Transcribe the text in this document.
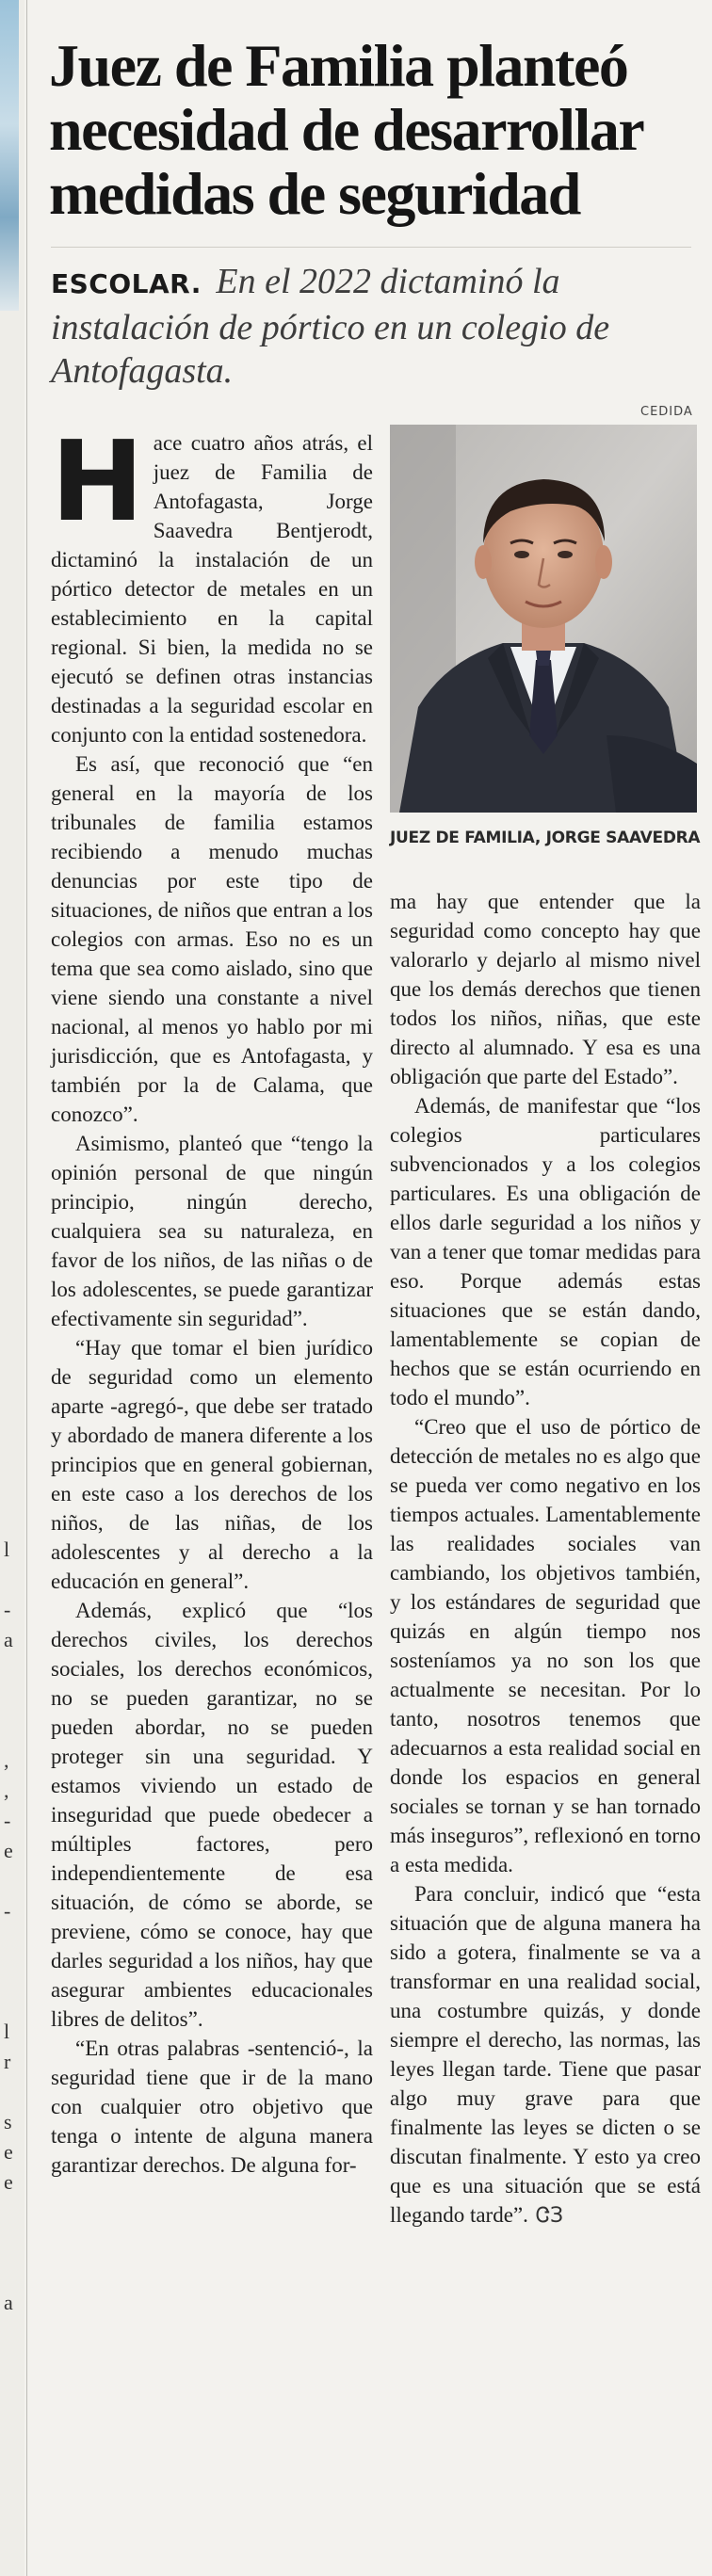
l
-
a
,
,
-
e
-
l
r
s
e
e
a
Juez de Familia planteó necesidad de desarrollar medidas de seguridad
ESCOLAR. En el 2022 dictaminó la instalación de pórtico en un colegio de Antofagasta.
CEDIDA
JUEZ DE FAMILIA, JORGE SAAVEDRA

Hace cuatro años atrás, el juez de Familia de Antofagasta, Jorge Saavedra Bentjerodt, dictaminó la instalación de un pórtico detector de metales en un establecimiento en la capital regional. Si bien, la medida no se ejecutó se definen otras instancias destinadas a la seguridad escolar en conjunto con la entidad sostenedora.

Es así, que reconoció que “en general en la mayoría de los tribunales de familia estamos recibiendo a menudo muchas denuncias por este tipo de situaciones, de niños que entran a los colegios con armas. Eso no es un tema que sea como aislado, sino que viene siendo una constante a nivel nacional, al menos yo hablo por mi jurisdicción, que es Antofagasta, y también por la de Calama, que conozco”.

Asimismo, planteó que “tengo la opinión personal de que ningún principio, ningún derecho, cualquiera sea su naturaleza, en favor de los niños, de las niñas o de los adolescentes, se puede garantizar efectivamente sin seguridad”.

“Hay que tomar el bien jurídico de seguridad como un elemento aparte -agregó-, que debe ser tratado y abordado de manera diferente a los principios que en general gobiernan, en este caso a los derechos de los niños, de las niñas, de los adolescentes y al derecho a la educación en general”.

Además, explicó que “los derechos civiles, los derechos sociales, los derechos económicos, no se pueden garantizar, no se pueden abordar, no se pueden proteger sin una seguridad. Y estamos viviendo un estado de inseguridad que puede obedecer a múltiples factores, pero independientemente de esa situación, de cómo se aborde, se previene, cómo se conoce, hay que darles seguridad a los niños, hay que asegurar ambientes educacionales libres de delitos”.

“En otras palabras -sentenció-, la seguridad tiene que ir de la mano con cualquier otro objetivo que tenga o intente de alguna manera garantizar derechos. De alguna for-

ma hay que entender que la seguridad como concepto hay que valorarlo y dejarlo al mismo nivel que los demás derechos que tienen todos los niños, niñas, que este directo al alumnado. Y esa es una obligación que parte del Estado”.

Además, de manifestar que “los colegios particulares subvencionados y a los colegios particulares. Es una obligación de ellos darle seguridad a los niños y van a tener que tomar medidas para eso. Porque además estas situaciones que se están dando, lamentablemente se copian de hechos que se están ocurriendo en todo el mundo”.

“Creo que el uso de pórtico de detección de metales no es algo que se pueda ver como negativo en los tiempos actuales. Lamentablemente las realidades sociales van cambiando, los objetivos también, y los estándares de seguridad que quizás en algún tiempo nos sosteníamos ya no son los que actualmente se necesitan. Por lo tanto, nosotros tenemos que adecuarnos a esta realidad social en donde los espacios en general sociales se tornan y se han tornado más inseguros”, reflexionó en torno a esta medida.

Para concluir, indicó que “esta situación que de alguna manera ha sido a gotera, finalmente se va a transformar en una realidad social, una costumbre quizás, y donde siempre el derecho, las normas, las leyes llegan tarde. Tiene que pasar algo muy grave para que finalmente las leyes se dicten o se discutan finalmente. Y esto ya creo que es una situación que se está llegando tarde”. ᏣЗ
